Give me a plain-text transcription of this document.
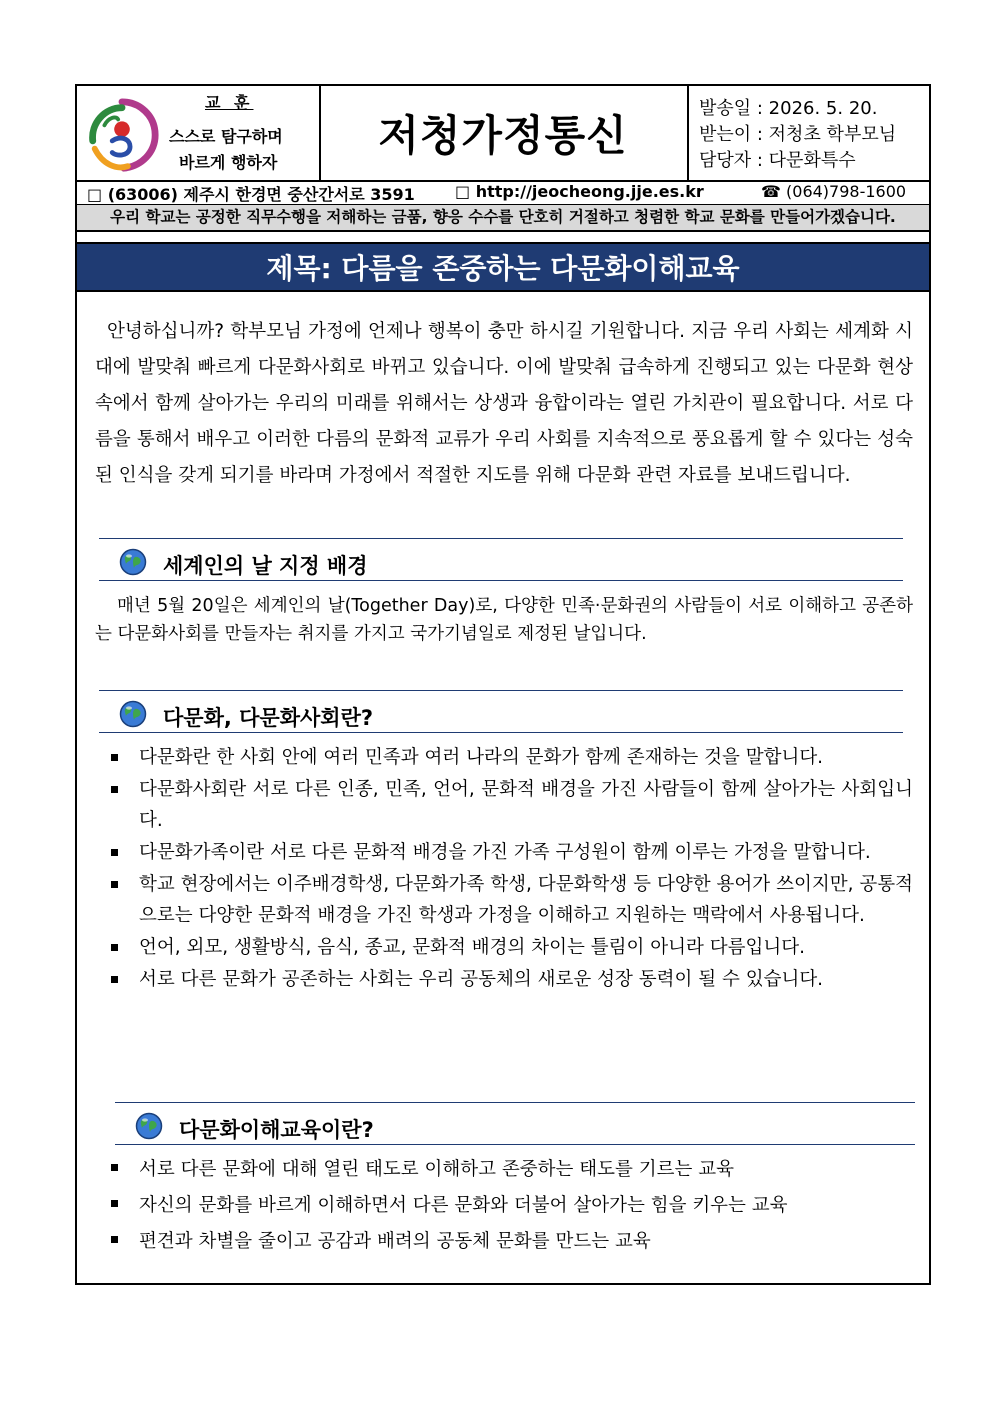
교 훈
스스로 탐구하며
바르게 행하자
저청가정통신
발송일 : 2026. 5. 20.
받는이 : 저청초 학부모님
담당자 : 다문화특수
□ (63006) 제주시 한경면 중산간서로 3591	□ http://jeocheong.jje.es.kr	☎ (064)798-1600
우리 학교는 공정한 직무수행을 저해하는 금품, 향응 수수를 단호히 거절하고 청렴한 학교 문화를 만들어가겠습니다.
제목: 다름을 존중하는 다문화이해교육

안녕하십니까? 학부모님 가정에 언제나 행복이 충만 하시길 기원합니다. 지금 우리 사회는 세계화 시대에 발맞춰 빠르게 다문화사회로 바뀌고 있습니다. 이에 발맞춰 급속하게 진행되고 있는 다문화 현상 속에서 함께 살아가는 우리의 미래를 위해서는 상생과 융합이라는 열린 가치관이 필요합니다. 서로 다름을 통해서 배우고 이러한 다름의 문화적 교류가 우리 사회를 지속적으로 풍요롭게 할 수 있다는 성숙된 인식을 갖게 되기를 바라며 가정에서 적절한 지도를 위해 다문화 관련 자료를 보내드립니다.

세계인의 날 지정 배경

매년 5월 20일은 세계인의 날(Together Day)로, 다양한 민족·문화권의 사람들이 서로 이해하고 공존하는 다문화사회를 만들자는 취지를 가지고 국가기념일로 제정된 날입니다.

다문화, 다문화사회란?
다문화란 한 사회 안에 여러 민족과 여러 나라의 문화가 함께 존재하는 것을 말합니다.
다문화사회란 서로 다른 인종, 민족, 언어, 문화적 배경을 가진 사람들이 함께 살아가는 사회입니다.
다문화가족이란 서로 다른 문화적 배경을 가진 가족 구성원이 함께 이루는 가정을 말합니다.
학교 현장에서는 이주배경학생, 다문화가족 학생, 다문화학생 등 다양한 용어가 쓰이지만, 공통적으로는 다양한 문화적 배경을 가진 학생과 가정을 이해하고 지원하는 맥락에서 사용됩니다.
언어, 외모, 생활방식, 음식, 종교, 문화적 배경의 차이는 틀림이 아니라 다름입니다.
서로 다른 문화가 공존하는 사회는 우리 공동체의 새로운 성장 동력이 될 수 있습니다.
다문화이해교육이란?
서로 다른 문화에 대해 열린 태도로 이해하고 존중하는 태도를 기르는 교육
자신의 문화를 바르게 이해하면서 다른 문화와 더불어 살아가는 힘을 키우는 교육
편견과 차별을 줄이고 공감과 배려의 공동체 문화를 만드는 교육
